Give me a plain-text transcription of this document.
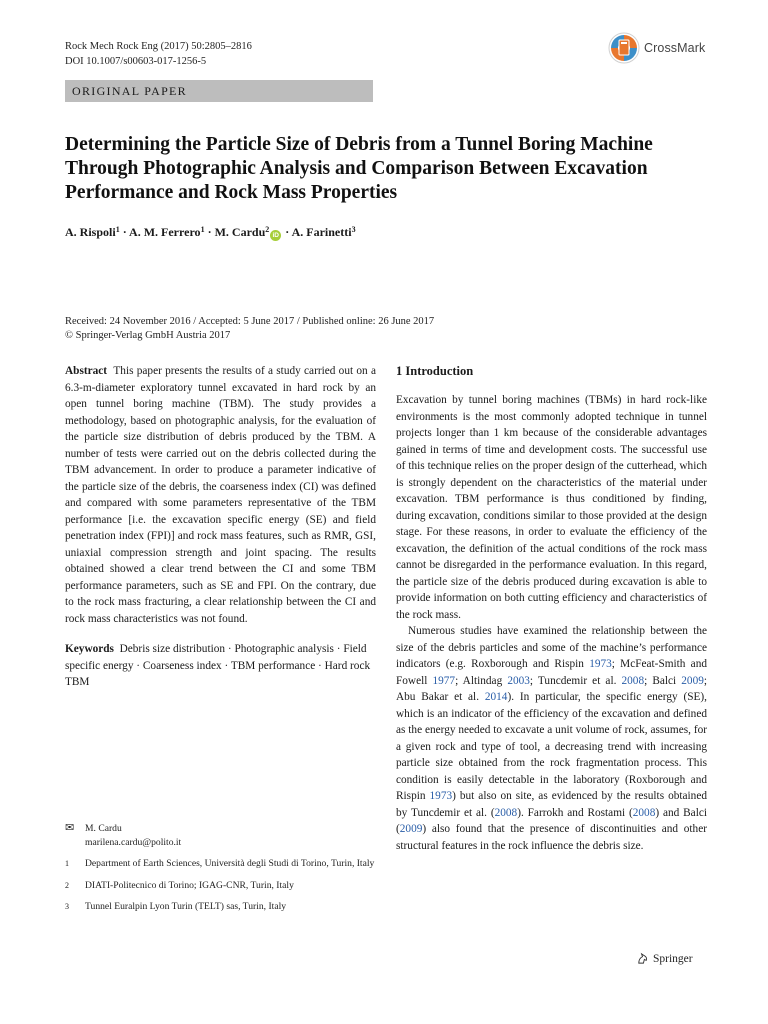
Rock Mech Rock Eng (2017) 50:2805–2816
DOI 10.1007/s00603-017-1256-5
CrossMark
ORIGINAL PAPER
Determining the Particle Size of Debris from a Tunnel Boring Machine Through Photographic Analysis and Comparison Between Excavation Performance and Rock Mass Properties
A. Rispoli$^1$ · A. M. Ferrero$^1$ · M. Cardu$^2$iD · A. Farinetti$^3$
Received: 24 November 2016 / Accepted: 5 June 2017 / Published online: 26 June 2017
© Springer-Verlag GmbH Austria 2017

Abstract This paper presents the results of a study carried out on a 6.3-m-diameter exploratory tunnel excavated in hard rock by an open tunnel boring machine (TBM). The study provides a methodology, based on photographic analysis, for the evaluation of the particle size distribution of debris produced by the TBM. A number of tests were carried out on the debris collected during the TBM advancement. In order to produce a parameter indicative of the particle size of the debris, the coarseness index (CI) was defined and compared with some parameters representative of the TBM performance [i.e. the excavation specific energy (SE) and field penetration index (FPI)] and rock mass features, such as RMR, GSI, uniaxial compression strength and joint spacing. The results obtained showed a clear trend between the CI and some TBM performance parameters, such as SE and FPI. On the contrary, due to the rock mass fracturing, a clear relationship between the CI and rock mass characteristics was not found.

Keywords Debris size distribution · Photographic analysis · Field specific energy · Coarseness index · TBM performance · Hard rock TBM

✉	M. Cardu
marilena.cardu@polito.it
1	Department of Earth Sciences, Università degli Studi di Torino, Turin, Italy
2	DIATI-Politecnico di Torino; IGAG-CNR, Turin, Italy
3	Tunnel Euralpin Lyon Turin (TELT) sas, Turin, Italy
1 Introduction

Excavation by tunnel boring machines (TBMs) in hard rock-like environments is the most commonly adopted technique in tunnel projects longer than 1 km because of the considerable advantages gained in terms of time and development costs. The successful use of this technique relies on the proper design of the cutterhead, which is strongly dependent on the characteristics of the material under excavation. TBM performance is thus conditioned by finding, during excavation, conditions similar to those provided at the design stage. For these reasons, in order to evaluate the efficiency of the excavation, the definition of the actual conditions of the rock mass cannot be disregarded in the performance evaluation. In this regard, the particle size of the debris produced during excavation is able to provide information on both cutting efficiency and characteristics of the rock mass.

Numerous studies have examined the relationship between the size of the debris particles and some of the machine’s performance indicators (e.g. Roxborough and Rispin 1973; McFeat-Smith and Fowell 1977; Altindag 2003; Tuncdemir et al. 2008; Balci 2009; Abu Bakar et al. 2014). In particular, the specific energy (SE), which is an indicator of the efficiency of the excavation and defined as the energy needed to excavate a unit volume of rock, assumes, for a given rock and type of tool, a decreasing trend with increasing particle size obtained from the rock fragmentation process. This condition is easily detectable in the laboratory (Roxborough and Rispin 1973) but also on site, as evidenced by the results obtained by Tuncdemir et al. (2008). Farrokh and Rostami (2008) and Balci (2009) also found that the presence of discontinuities and other structural features in the rock influence the debris size.

Springer
